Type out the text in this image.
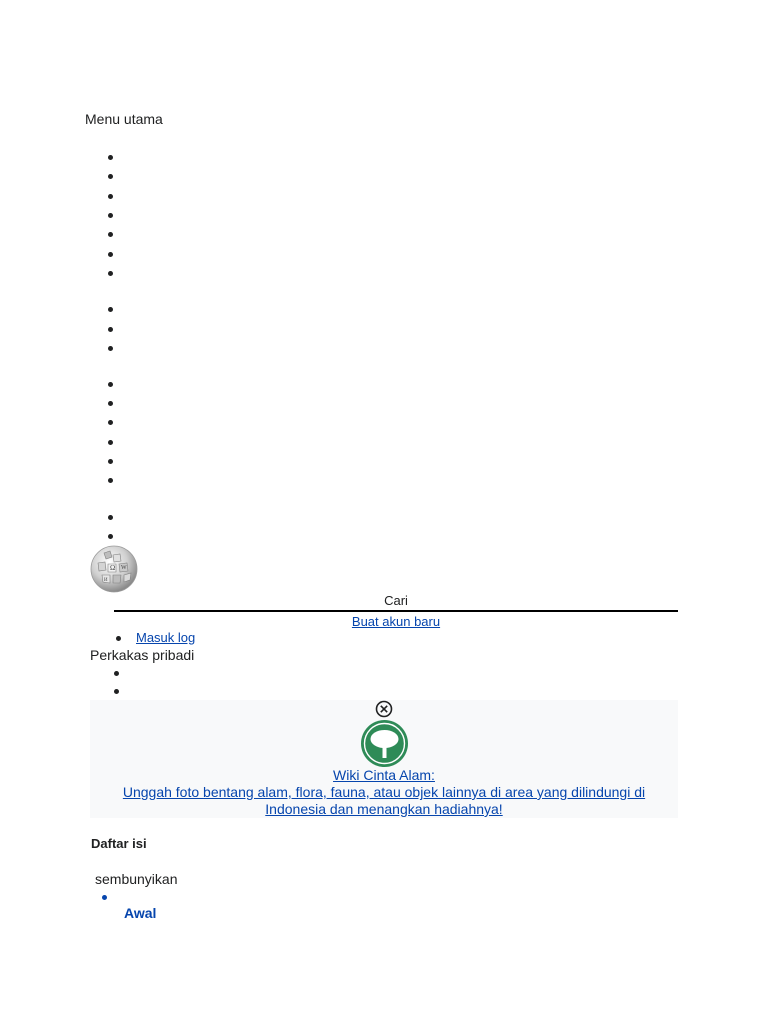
Menu utama
Ω W
И
Cari
Buat akun baru
Masuk log
Perkakas pribadi
Wiki Cinta Alam:
Unggah foto bentang alam, flora, fauna, atau objek lainnya di area yang dilindungi di Indonesia dan menangkan hadiahnya!
Daftar isi
sembunyikan
Awal
